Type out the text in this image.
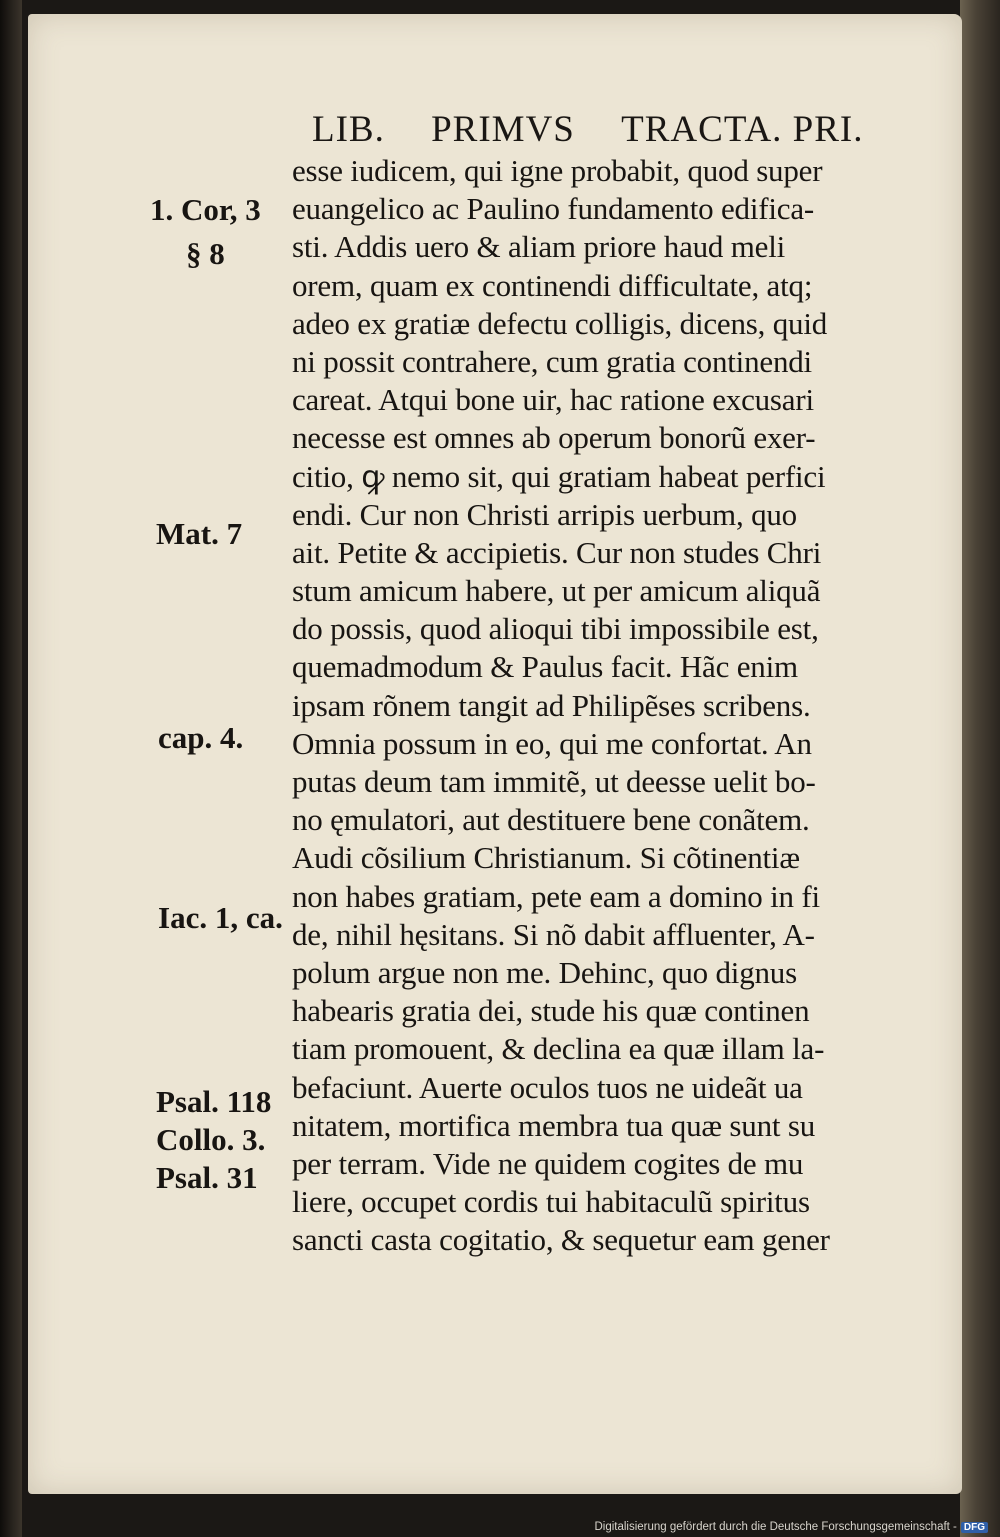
LIB. PRIMVS TRACTA. PRI.
esse iudicem, qui igne probabit, quod super
euangelico ac Paulino fundamento edifica-
sti. Addis uero & aliam priore haud meli
orem, quam ex continendi difficultate, atq;
adeo ex gratiæ defectu colligis, dicens, quid
ni possit contrahere, cum gratia continendi
careat. Atqui bone uir, hac ratione excusari
necesse est omnes ab operum bonorũ exer-
citio, ꝙ nemo sit, qui gratiam habeat perfici
endi. Cur non Christi arripis uerbum, quo
ait. Petite & accipietis. Cur non studes Chri
stum amicum habere, ut per amicum aliquã
do possis, quod alioqui tibi impossibile est,
quemadmodum & Paulus facit. Hãc enim
ipsam rõnem tangit ad Philipẽses scribens.
Omnia possum in eo, qui me confortat. An
putas deum tam immitẽ, ut deesse uelit bo-
no ęmulatori, aut destituere bene conãtem.
Audi cõsilium Christianum. Si cõtinentiæ
non habes gratiam, pete eam a domino in fi
de, nihil hęsitans. Si nõ dabit affluenter, A-
polum argue non me. Dehinc, quo dignus
habearis gratia dei, stude his quæ continen
tiam promouent, & declina ea quæ illam la-
befaciunt. Auerte oculos tuos ne uideãt ua
nitatem, mortifica membra tua quæ sunt su
per terram. Vide ne quidem cogites de mu
liere, occupet cordis tui habitaculũ spiritus
sancti casta cogitatio, & sequetur eam gener
1. Cor, 3
§ 8
Mat. 7
cap. 4.
Iac. 1, ca.
Psal. 118
Collo. 3.
Psal. 31
Digitalisierung gefördert durch die Deutsche Forschungsgemeinschaft - DFG
